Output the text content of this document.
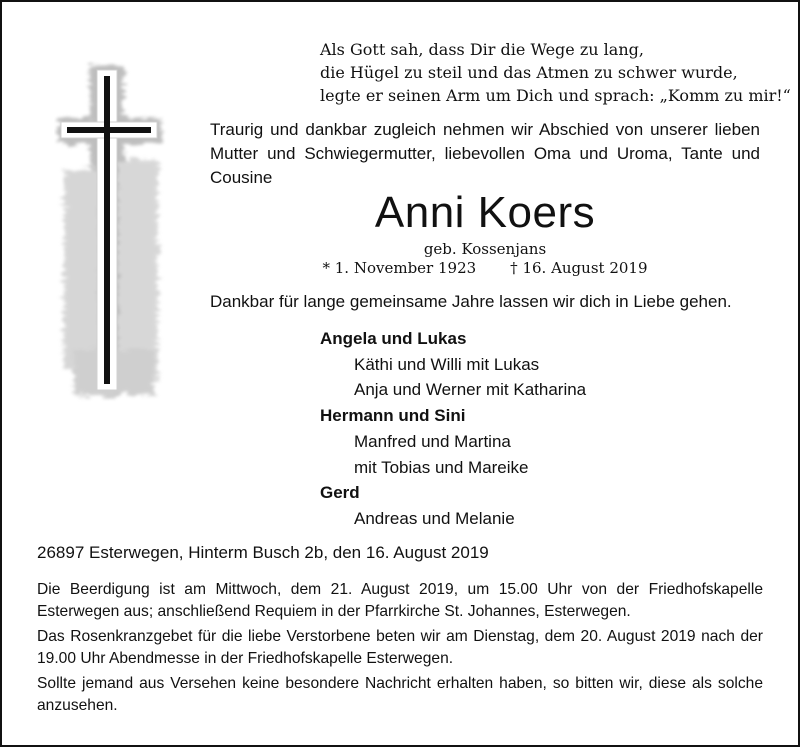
Als Gott sah, dass Dir die Wege zu lang,
die Hügel zu steil und das Atmen zu schwer wurde,
legte er seinen Arm um Dich und sprach: „Komm zu mir!“
Traurig und dankbar zugleich nehmen wir Abschied von unserer lieben Mutter und Schwiegermutter, liebevollen Oma und Uroma, Tante und Cousine
Anni Koers
geb. Kossenjans
* 1. November 1923 † 16. August 2019
Dankbar für lange gemeinsame Jahre lassen wir dich in Liebe gehen.
Angela und Lukas
Käthi und Willi mit Lukas
Anja und Werner mit Katharina
Hermann und Sini
Manfred und Martina
mit Tobias und Mareike
Gerd
Andreas und Melanie
26897 Esterwegen, Hinterm Busch 2b, den 16. August 2019

Die Beerdigung ist am Mittwoch, dem 21. August 2019, um 15.00 Uhr von der Friedhofskapelle Esterwegen aus; anschließend Requiem in der Pfarrkirche St. Johannes, Esterwegen.

Das Rosenkranzgebet für die liebe Verstorbene beten wir am Dienstag, dem 20. August 2019 nach der 19.00 Uhr Abendmesse in der Friedhofskapelle Esterwegen.

Sollte jemand aus Versehen keine besondere Nachricht erhalten haben, so bitten wir, diese als solche anzusehen.
